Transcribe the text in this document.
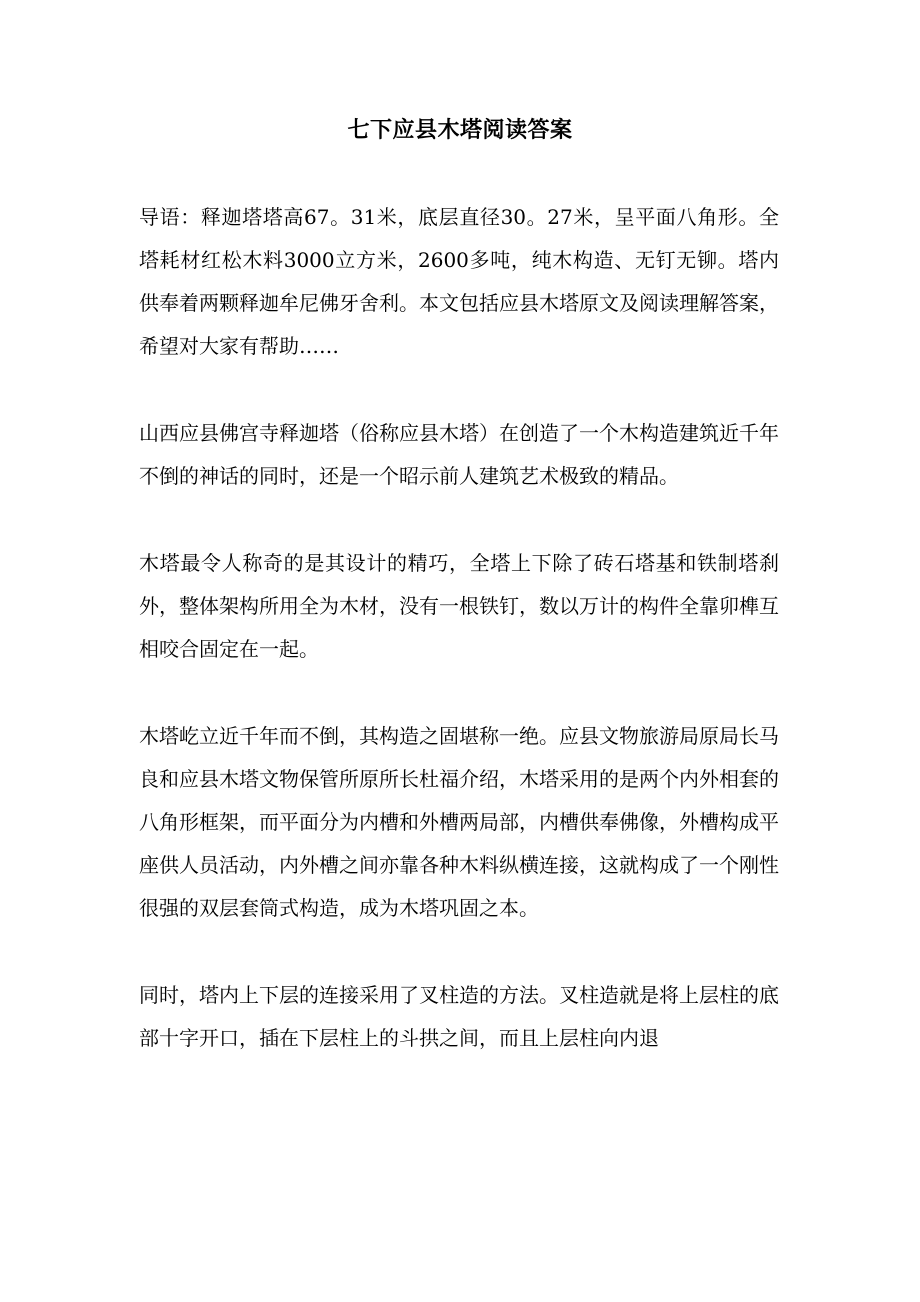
七下应县木塔阅读答案

导语：释迦塔塔高67。31米，底层直径30。27米，呈平面八角形。全塔耗材红松木料3000立方米，2600多吨，纯木构造、无钉无铆。塔内供奉着两颗释迦牟尼佛牙舍利。本文包括应县木塔原文及阅读理解答案，希望对大家有帮助……

山西应县佛宫寺释迦塔（俗称应县木塔）在创造了一个木构造建筑近千年不倒的神话的同时，还是一个昭示前人建筑艺术极致的精品。

木塔最令人称奇的是其设计的精巧，全塔上下除了砖石塔基和铁制塔刹外，整体架构所用全为木材，没有一根铁钉，数以万计的构件全靠卯榫互相咬合固定在一起。

木塔屹立近千年而不倒，其构造之固堪称一绝。应县文物旅游局原局长马良和应县木塔文物保管所原所长杜福介绍，木塔采用的是两个内外相套的八角形框架，而平面分为内槽和外槽两局部，内槽供奉佛像，外槽构成平座供人员活动，内外槽之间亦靠各种木料纵横连接，这就构成了一个刚性很强的双层套筒式构造，成为木塔巩固之本。

同时，塔内上下层的连接采用了叉柱造的方法。叉柱造就是将上层柱的底部十字开口，插在下层柱上的斗拱之间，而且上层柱向内退
